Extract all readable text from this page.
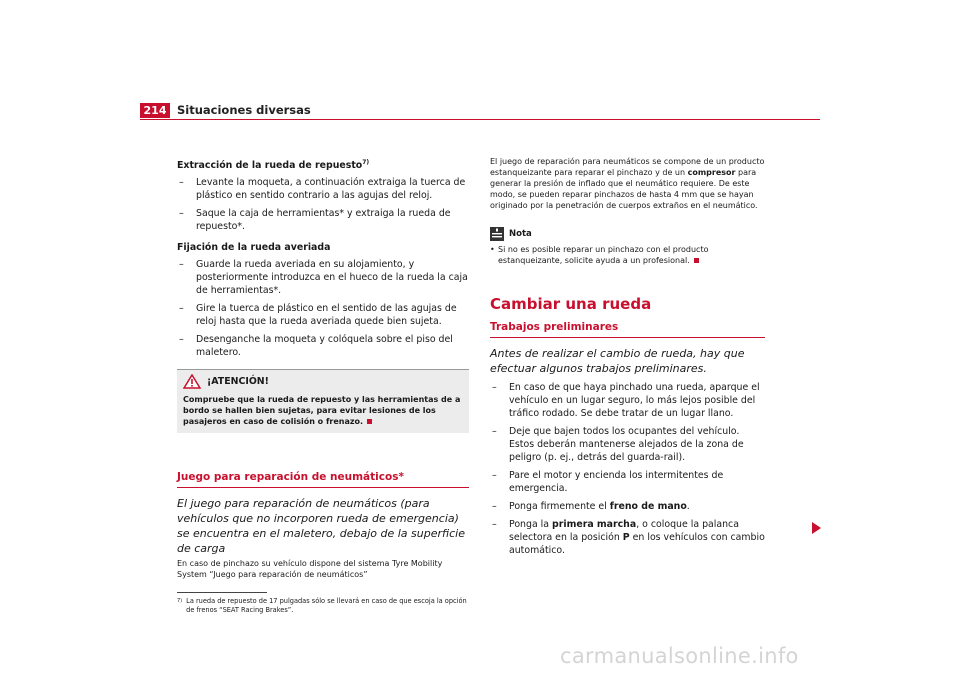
214 Situaciones diversas
Extracción de la rueda de repuesto$^{7)}$
– Levante la moqueta, a continuación extraiga la tuerca de plástico en sentido contrario a las agujas del reloj.
– Saque la caja de herramientas* y extraiga la rueda de repuesto*.
Fijación de la rueda averiada
– Guarde la rueda averiada en su alojamiento, y posteriormente introduzca en el hueco de la rueda la caja de herramientas*.
– Gire la tuerca de plástico en el sentido de las agujas de reloj hasta que la rueda averiada quede bien sujeta.
– Desenganche la moqueta y colóquela sobre el piso del maletero.
¡ATENCIÓN!
Compruebe que la rueda de repuesto y las herramientas de a bordo se hallen bien sujetas, para evitar lesiones de los pasajeros en caso de colisión o frenazo.
Juego para reparación de neumáticos*
El juego para reparación de neumáticos (para vehículos que no incorporen rueda de emergencia) se encuentra en el maletero, debajo de la superficie de carga
En caso de pinchazo su vehículo dispone del sistema Tyre Mobility System “Juego para reparación de neumáticos”
7) La rueda de repuesto de 17 pulgadas sólo se llevará en caso de que escoja la opción de frenos “SEAT Racing Brakes”.
El juego de reparación para neumáticos se compone de un producto estanqueizante para reparar el pinchazo y de un compresor para generar la presión de inflado que el neumático requiere. De este modo, se pueden reparar pinchazos de hasta 4 mm que se hayan originado por la penetración de cuerpos extraños en el neumático.
Nota
• Si no es posible reparar un pinchazo con el producto estanqueizante, solicite ayuda a un profesional.
Cambiar una rueda
Trabajos preliminares
Antes de realizar el cambio de rueda, hay que efectuar algunos trabajos preliminares.
– En caso de que haya pinchado una rueda, aparque el vehículo en un lugar seguro, lo más lejos posible del tráfico rodado. Se debe tratar de un lugar llano.
– Deje que bajen todos los ocupantes del vehículo. Estos deberán mantenerse alejados de la zona de peligro (p. ej., detrás del guarda-rail).
– Pare el motor y encienda los intermitentes de emergencia.
– Ponga firmemente el freno de mano.
– Ponga la primera marcha, o coloque la palanca selectora en la posición P en los vehículos con cambio automático.
carmanualsonline.info
